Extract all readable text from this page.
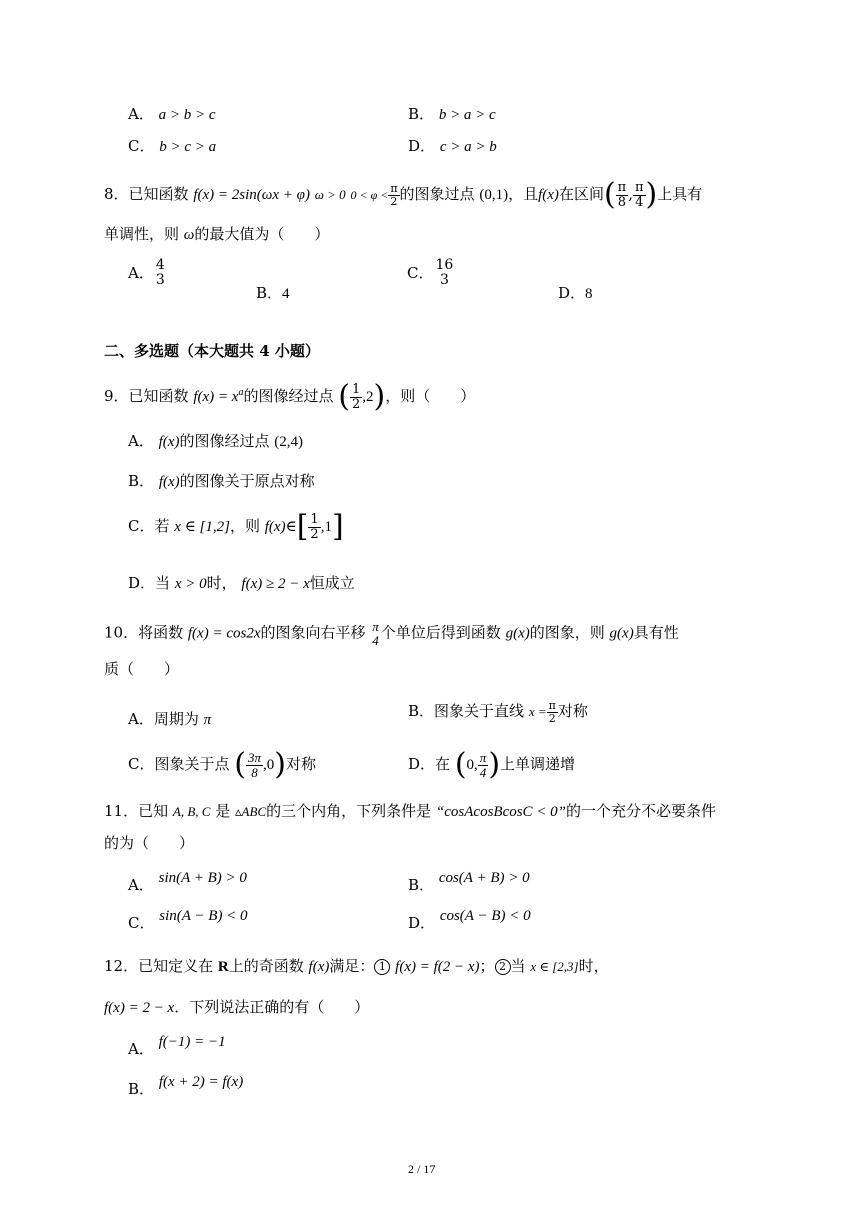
A． a > b > c	B． b > a > c
C． b > c > a	D． c > a > b
8．已知函数 f(x) = 2sin(ωx + φ) ω > 0 $0 < \varphi < \frac{\pi}{2}$ 的图象过点 (0,1)，且f(x)在区间( $\frac{\pi}{8}$ , $\frac{\pi}{4}$ )上具有
单调性，则 ω的最大值为（　　）
A． 4
3
B．4
C． 16
3
D．8
二、多选题（本大题共 4 小题）
9．已知函数 $f(x) = x^a$的图像经过点 ( $\frac{1}{2} ,2$)，则（　　）
A． f(x)的图像经过点 (2,4)
B． f(x)的图像关于原点对称
C．若 x ∈ [1,2]，则 f(x)∈[ $\frac{1}{2} ,1$]
D．当 x > 0时， f(x) ≥ 2 − x恒成立
10．将函数 f(x) = cos2x的图象向右平移 π
4 个单位后得到函数 g(x)的图象，则 g(x)具有性
质（　　）
A．周期为 π	B．图象关于直线 $x = \frac{\pi}{2}$ 对称
C．图象关于点 ( $\frac{3\pi}{8} ,0$)对称	D．在 (0, $\frac{\pi}{4}$ )上单调递增
11．已知 A, B, C 是 ▵ABC的三个内角，下列条件是 “cosAcosBcosC < 0”的一个充分不必要条件
的为（　　）
A． sin(A + B) > 0	B． cos(A + B) > 0
C． sin(A − B) < 0	D． cos(A − B) < 0
12．已知定义在 R上的奇函数 f(x)满足： 1 f(x) = f(2 − x)； 2 当 x ∈ [2,3]时，
f(x) = 2 − x．下列说法正确的有（　　）
A． f(−1) = −1
B． f(x + 2) = f(x)
2 / 17
